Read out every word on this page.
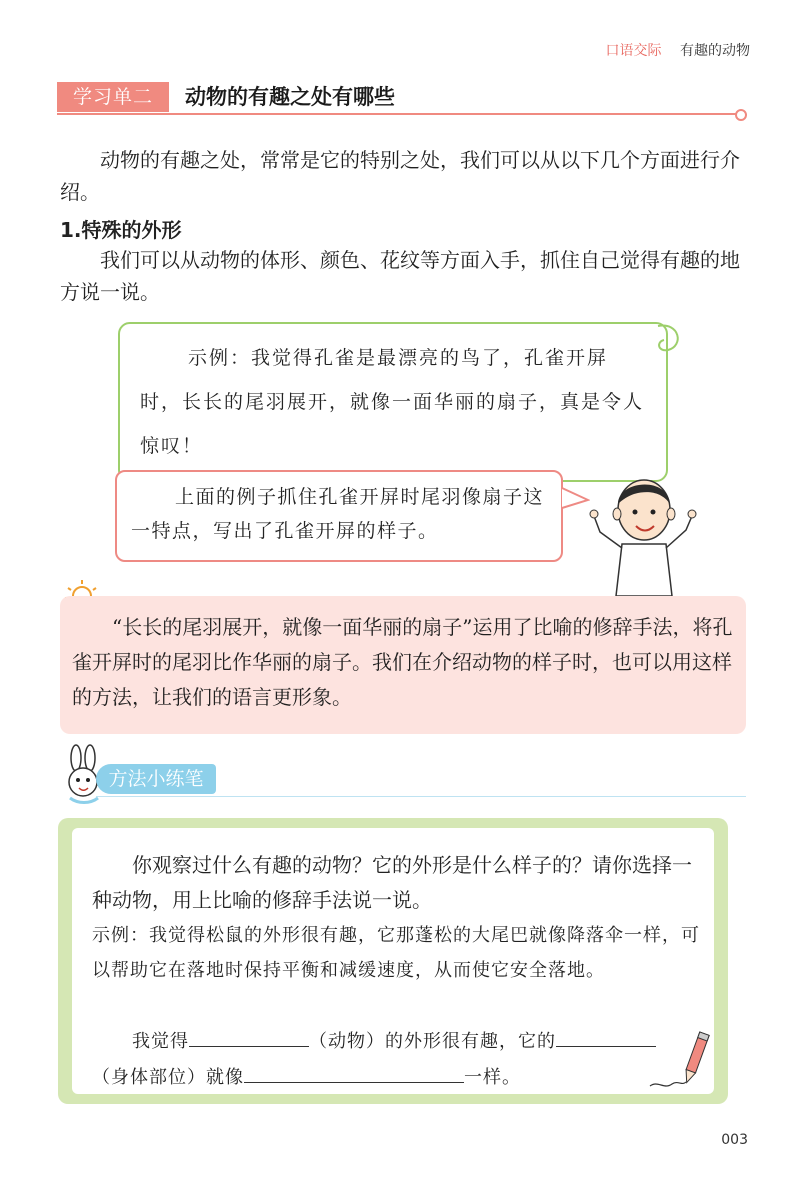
口语交际 有趣的动物
学习单二	动物的有趣之处有哪些
动物的有趣之处，常常是它的特别之处，我们可以从以下几个方面进行介绍。
1.特殊的外形
我们可以从动物的体形、颜色、花纹等方面入手，抓住自己觉得有趣的地方说一说。
示例：我觉得孔雀是最漂亮的鸟了，孔雀开屏时，长长的尾羽展开，就像一面华丽的扇子，真是令人惊叹！
上面的例子抓住孔雀开屏时尾羽像扇子这一特点，写出了孔雀开屏的样子。
“长长的尾羽展开，就像一面华丽的扇子”运用了比喻的修辞手法，将孔雀开屏时的尾羽比作华丽的扇子。我们在介绍动物的样子时，也可以用这样的方法，让我们的语言更形象。
方法小练笔
你观察过什么有趣的动物？它的外形是什么样子的？请你选择一种动物，用上比喻的修辞手法说一说。
示例：我觉得松鼠的外形很有趣，它那蓬松的大尾巴就像降落伞一样，可以帮助它在落地时保持平衡和减缓速度，从而使它安全落地。
我觉得	（动物）的外形很有趣，它的
（身体部位）就像	一样。
003
